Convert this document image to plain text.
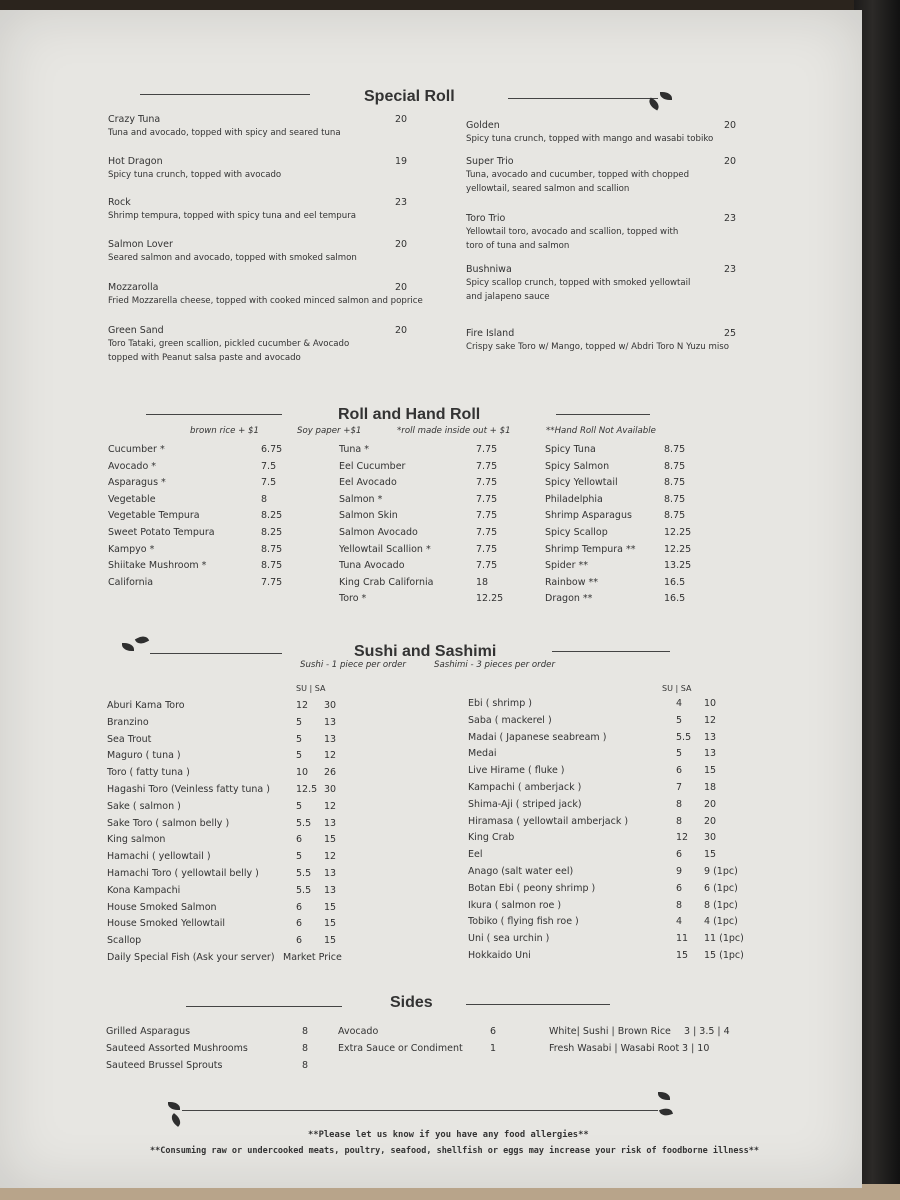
Special Roll
Crazy Tuna	20
Tuna and avocado, topped with spicy and seared tuna
Hot Dragon	19
Spicy tuna crunch, topped with avocado
Rock	23
Shrimp tempura, topped with spicy tuna and eel tempura
Salmon Lover	20
Seared salmon and avocado, topped with smoked salmon
Mozzarolla	20
Fried Mozzarella cheese, topped with cooked minced salmon and poprice
Green Sand	20
Toro Tataki, green scallion, pickled cucumber & Avocado
topped with Peanut salsa paste and avocado
Golden	20
Spicy tuna crunch, topped with mango and wasabi tobiko
Super Trio	20
Tuna, avocado and cucumber, topped with chopped
yellowtail, seared salmon and scallion
Toro Trio	23
Yellowtail toro, avocado and scallion, topped with
toro of tuna and salmon
Bushniwa	23
Spicy scallop crunch, topped with smoked yellowtail
and jalapeno sauce
Fire Island	25
Crispy sake Toro w/ Mango, topped w/ Abdri Toro N Yuzu miso
Roll and Hand Roll
brown rice + $1	Soy paper +$1	*roll made inside out + $1	**Hand Roll Not Available
Cucumber *	6.75
Avocado *	7.5
Asparagus *	7.5
Vegetable	8
Vegetable Tempura	8.25
Sweet Potato Tempura	8.25
Kampyo *	8.75
Shiitake Mushroom *	8.75
California	7.75
Tuna *	7.75
Eel Cucumber	7.75
Eel Avocado	7.75
Salmon *	7.75
Salmon Skin	7.75
Salmon Avocado	7.75
Yellowtail Scallion *	7.75
Tuna Avocado	7.75
King Crab California	18
Toro *	12.25
Spicy Tuna	8.75
Spicy Salmon	8.75
Spicy Yellowtail	8.75
Philadelphia	8.75
Shrimp Asparagus	8.75
Spicy Scallop	12.25
Shrimp Tempura **	12.25
Spider **	13.25
Rainbow **	16.5
Dragon **	16.5
Sushi and Sashimi
Sushi - 1 piece per order	Sashimi - 3 pieces per order
SU | SA	SU | SA
Aburi Kama Toro	12 30
Branzino	5 13
Sea Trout	5 13
Maguro ( tuna )	5 12
Toro ( fatty tuna )	10 26
Hagashi Toro (Veinless fatty tuna )	12.5 30
Sake ( salmon )	5 12
Sake Toro ( salmon belly )	5.5 13
King salmon	6 15
Hamachi ( yellowtail )	5 12
Hamachi Toro ( yellowtail belly )	5.5 13
Kona Kampachi	5.5 13
House Smoked Salmon	6 15
House Smoked Yellowtail	6 15
Scallop	6 15
Daily Special Fish (Ask your server) Market Price
Ebi ( shrimp )	4 10
Saba ( mackerel )	5 12
Madai ( Japanese seabream )	5.5 13
Medai	5 13
Live Hirame ( fluke )	6 15
Kampachi ( amberjack )	7 18
Shima-Aji ( striped jack)	8 20
Hiramasa ( yellowtail amberjack )	8 20
King Crab	12 30
Eel	6 15
Anago (salt water eel)	9 9 (1pc)
Botan Ebi ( peony shrimp )	6 6 (1pc)
Ikura ( salmon roe )	8 8 (1pc)
Tobiko ( flying fish roe )	4 4 (1pc)
Uni ( sea urchin )	11 11 (1pc)
Hokkaido Uni	15 15 (1pc)
Sides
Grilled Asparagus	8
Sauteed Assorted Mushrooms	8
Sauteed Brussel Sprouts	8
Avocado	6
Extra Sauce or Condiment	1
White| Sushi | Brown Rice 3 | 3.5 | 4
Fresh Wasabi | Wasabi Root 3 | 10
**Please let us know if you have any food allergies**
**Consuming raw or undercooked meats, poultry, seafood, shellfish or eggs may increase your risk of foodborne illness**
